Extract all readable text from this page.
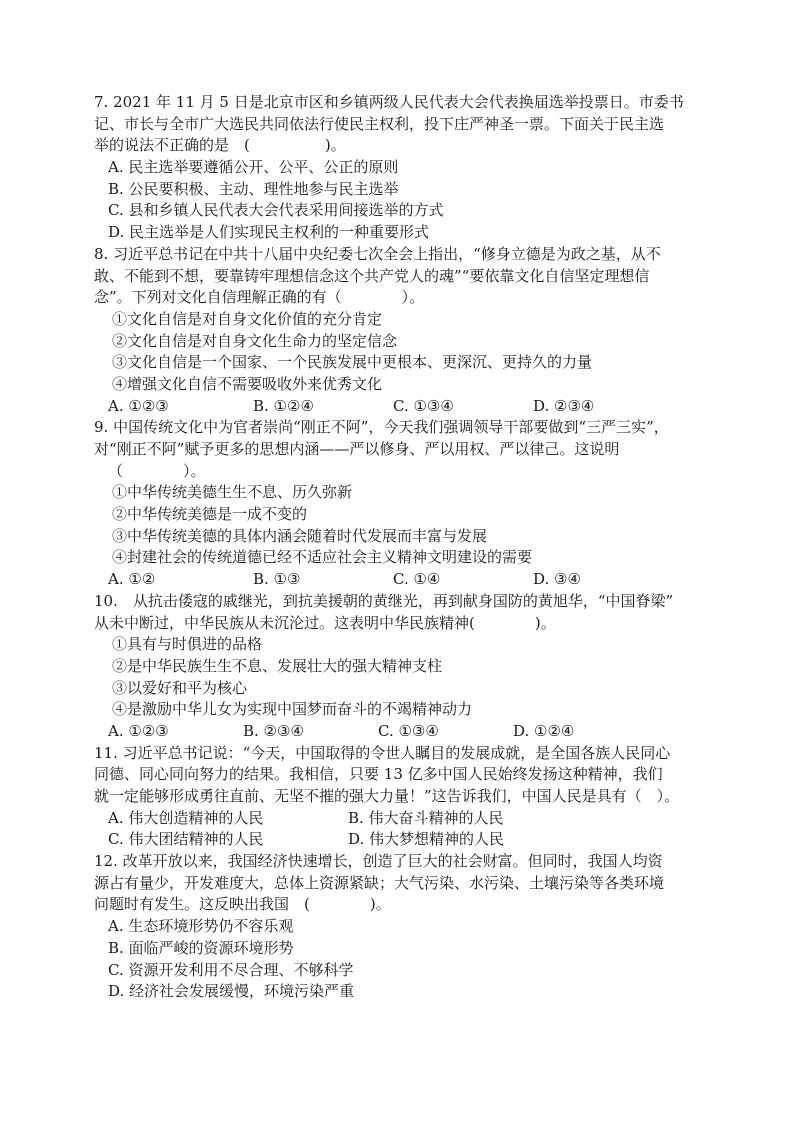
7. 2021 年 11 月 5 日是北京市区和乡镇两级人民代表大会代表换届选举投票日。市委书
记、市长与全市广大选民共同依法行使民主权利，投下庄严神圣一票。下面关于民主选
举的说法不正确的是　(　　　　　)。
A. 民主选举要遵循公开、公平、公正的原则
B. 公民要积极、主动、理性地参与民主选举
C. 县和乡镇人民代表大会代表采用间接选举的方式
D. 民主选举是人们实现民主权利的一种重要形式
8. 习近平总书记在中共十八届中央纪委七次全会上指出，“修身立德是为政之基，从不
敢、不能到不想，要靠铸牢理想信念这个共产党人的魂”“要依靠文化自信坚定理想信
念”。下列对文化自信理解正确的有（　　　　）。
①文化自信是对自身文化价值的充分肯定
②文化自信是对自身文化生命力的坚定信念
③文化自信是一个国家、一个民族发展中更根本、更深沉、更持久的力量
④增强文化自信不需要吸收外来优秀文化
A. ①②③	B. ①②④	C. ①③④	D. ②③④
9. 中国传统文化中为官者崇尚“刚正不阿”，今天我们强调领导干部要做到“三严三实”，
对“刚正不阿”赋予更多的思想内涵——严以修身、严以用权、严以律己。这说明
（　　　　）。
①中华传统美德生生不息、历久弥新
②中华传统美德是一成不变的
③中华传统美德的具体内涵会随着时代发展而丰富与发展
④封建社会的传统道德已经不适应社会主义精神文明建设的需要
A. ①②	B. ①③	C. ①④	D. ③④
10.　从抗击倭寇的戚继光，到抗美援朝的黄继光，再到献身国防的黄旭华，“中国脊梁”
从未中断过，中华民族从未沉沦过。这表明中华民族精神(　　　　)。
①具有与时俱进的品格
②是中华民族生生不息、发展壮大的强大精神支柱
③以爱好和平为核心
④是激励中华儿女为实现中国梦而奋斗的不竭精神动力
A. ①②③	B. ②③④	C. ①③④	D. ①②④
11. 习近平总书记说：“今天，中国取得的令世人瞩目的发展成就，是全国各族人民同心
同德、同心同向努力的结果。我相信，只要 13 亿多中国人民始终发扬这种精神，我们
就一定能够形成勇往直前、无坚不摧的强大力量！”这告诉我们，中国人民是具有（　）。
A. 伟大创造精神的人民	B. 伟大奋斗精神的人民
C. 伟大团结精神的人民	D. 伟大梦想精神的人民
12. 改革开放以来，我国经济快速增长，创造了巨大的社会财富。但同时，我国人均资
源占有量少，开发难度大，总体上资源紧缺；大气污染、水污染、土壤污染等各类环境
问题时有发生。这反映出我国　(　　　　)。
A. 生态环境形势仍不容乐观
B. 面临严峻的资源环境形势
C. 资源开发利用不尽合理、不够科学
D. 经济社会发展缓慢，环境污染严重
